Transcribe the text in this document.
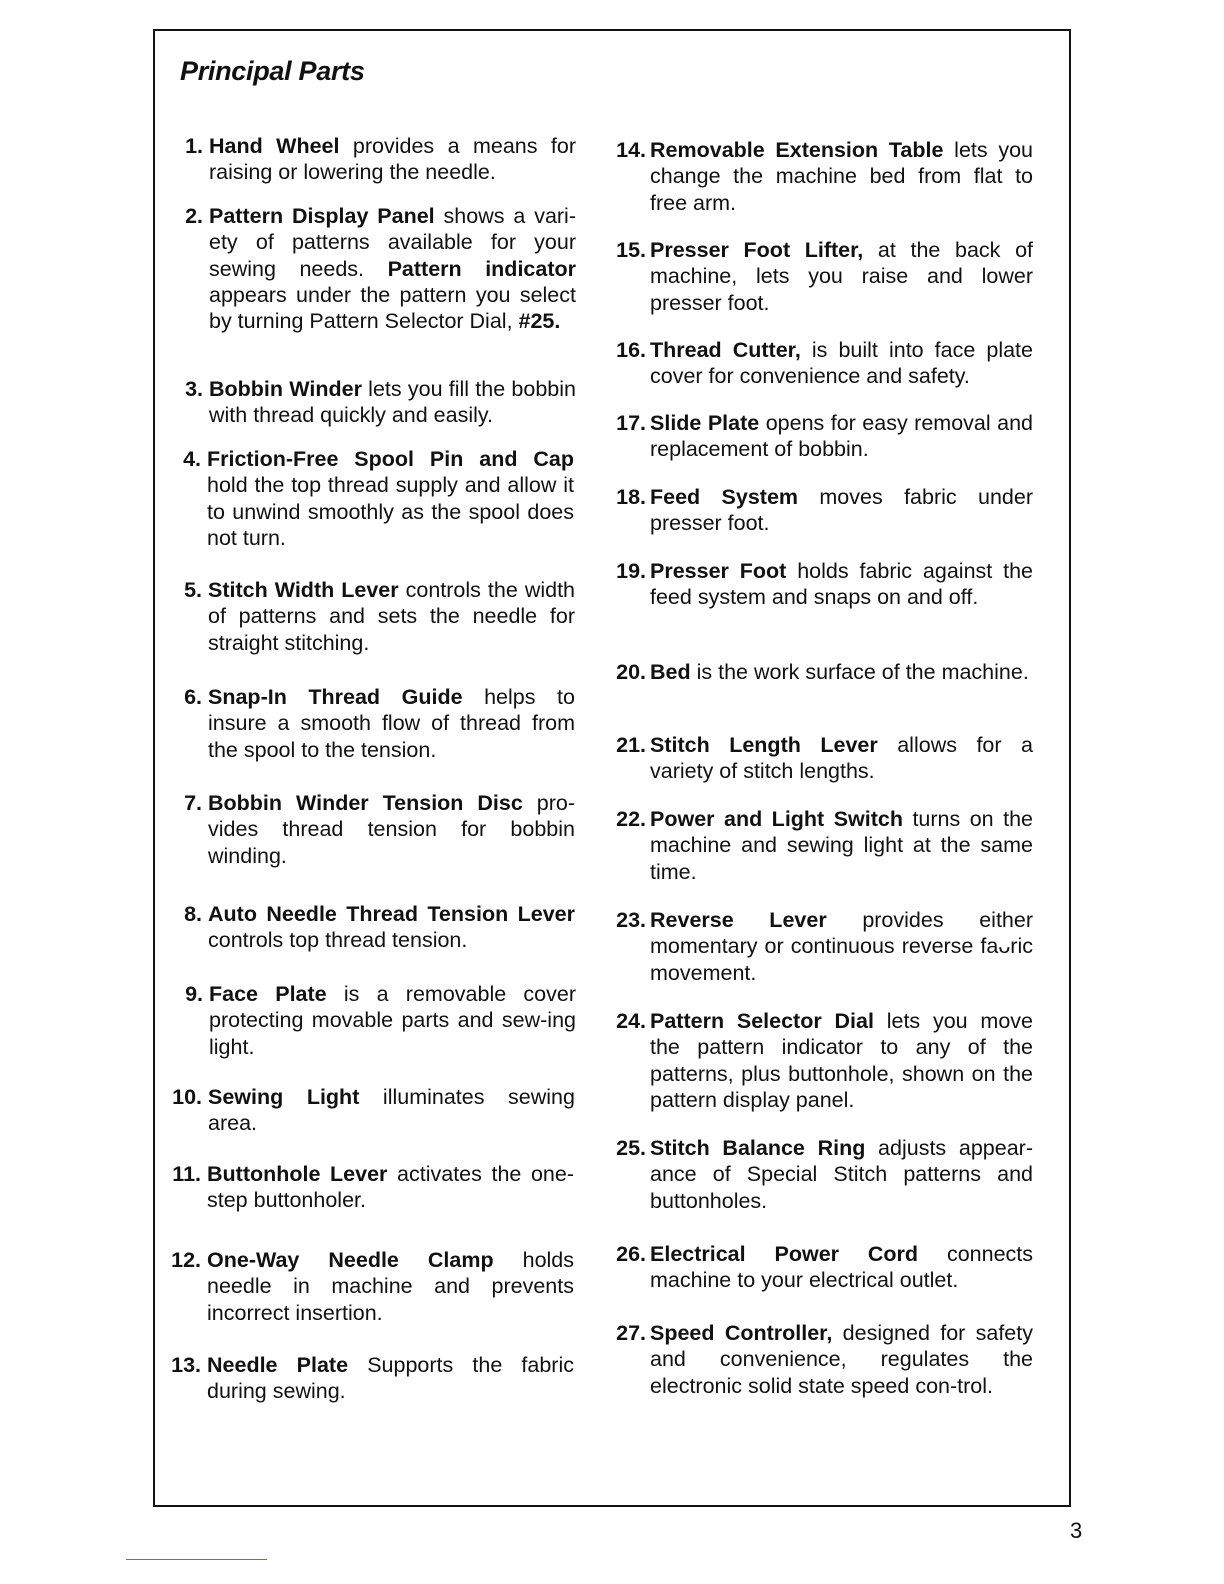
Principal Parts
1. Hand Wheel provides a means for raising or lowering the needle.
2. Pattern Display Panel shows a vari-ety of patterns available for your sewing needs. Pattern indicator appears under the pattern you select by turning Pattern Selector Dial, #25.
3. Bobbin Winder lets you fill the bobbin with thread quickly and easily.
4. Friction-Free Spool Pin and Cap hold the top thread supply and allow it to unwind smoothly as the spool does not turn.
5. Stitch Width Lever controls the width of patterns and sets the needle for straight stitching.
6. Snap-In Thread Guide helps to insure a smooth flow of thread from the spool to the tension.
7. Bobbin Winder Tension Disc pro-vides thread tension for bobbin winding.
8. Auto Needle Thread Tension Lever controls top thread tension.
9. Face Plate is a removable cover protecting movable parts and sew-ing light.
10. Sewing Light illuminates sewing area.
11. Buttonhole Lever activates the one-step buttonholer.
12. One-Way Needle Clamp holds needle in machine and prevents incorrect insertion.
13. Needle Plate Supports the fabric during sewing.
14. Removable Extension Table lets you change the machine bed from flat to free arm.
15. Presser Foot Lifter, at the back of machine, lets you raise and lower presser foot.
16. Thread Cutter, is built into face plate cover for convenience and safety.
17. Slide Plate opens for easy removal and replacement of bobbin.
18. Feed System moves fabric under presser foot.
19. Presser Foot holds fabric against the feed system and snaps on and off.
20. Bed is the work surface of the machine.
21. Stitch Length Lever allows for a variety of stitch lengths.
22. Power and Light Switch turns on the machine and sewing light at the same time.
23. Reverse Lever provides either momentary or continuous reverse faᴗric movement.
24. Pattern Selector Dial lets you move the pattern indicator to any of the patterns, plus buttonhole, shown on the pattern display panel.
25. Stitch Balance Ring adjusts appear-ance of Special Stitch patterns and buttonholes.
26. Electrical Power Cord connects machine to your electrical outlet.
27. Speed Controller, designed for safety and convenience, regulates the electronic solid state speed con-trol.
3
